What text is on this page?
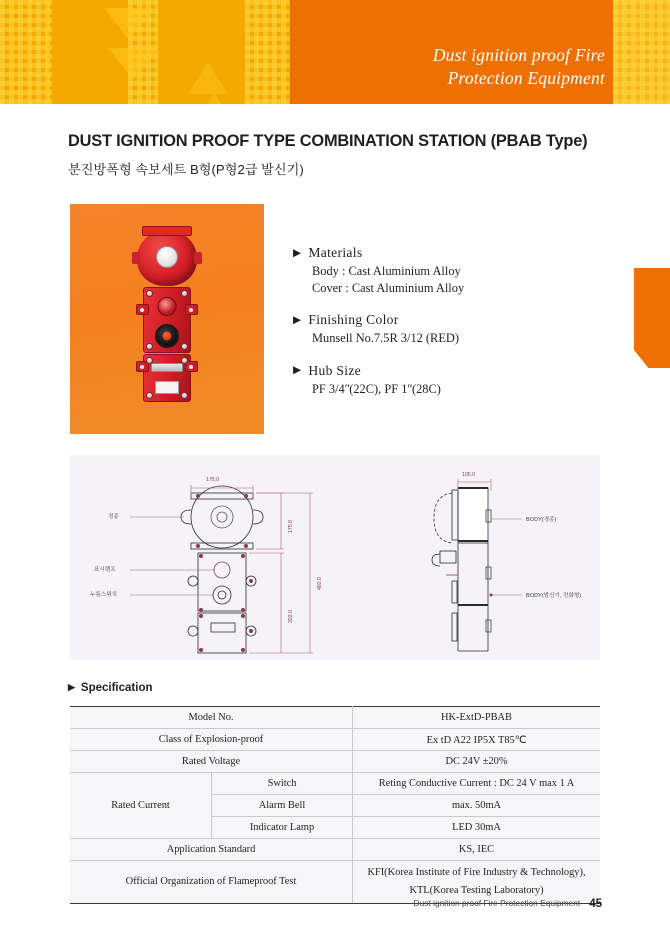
Dust ignition proof Fire
Protection Equipment
DUST IGNITION PROOF TYPE COMBINATION STATION (PBAB Type)
분진방폭형 속보세트 B형(P형2급 발신기)
▶ Materials
Body : Cast Aluminium Alloy
Cover : Cast Aluminium Alloy
▶ Finishing Color
Munsell No.7.5R 3/12 (RED)
▶ Hub Size
PF 3/4ʺ(22C), PF 1ʺ(28C)
175.0
175.0
482.0
302.0
경종
표시램프
누름스위치
105.0
BODY(경종)
BODY(발신기, 전화형)
▶ Specification
Model No.		HK-ExtD-PBAB
Class of Explosion-proof		Ex tD A22 IP5X T85℃
Rated Voltage		DC 24V ±20%
Rated Current	Switch	Reting Conductive Current : DC 24 V max 1 A
	Alarm Bell	max. 50mA
	Indicator Lamp	LED 30mA
Application Standard		KS, IEC
Official Organization of Flameproof Test		KFI(Korea Institute of Fire Industry & Technology),
KTL(Korea Testing Laboratory)
Dust ignition proof Fire Protection Equipment 45
